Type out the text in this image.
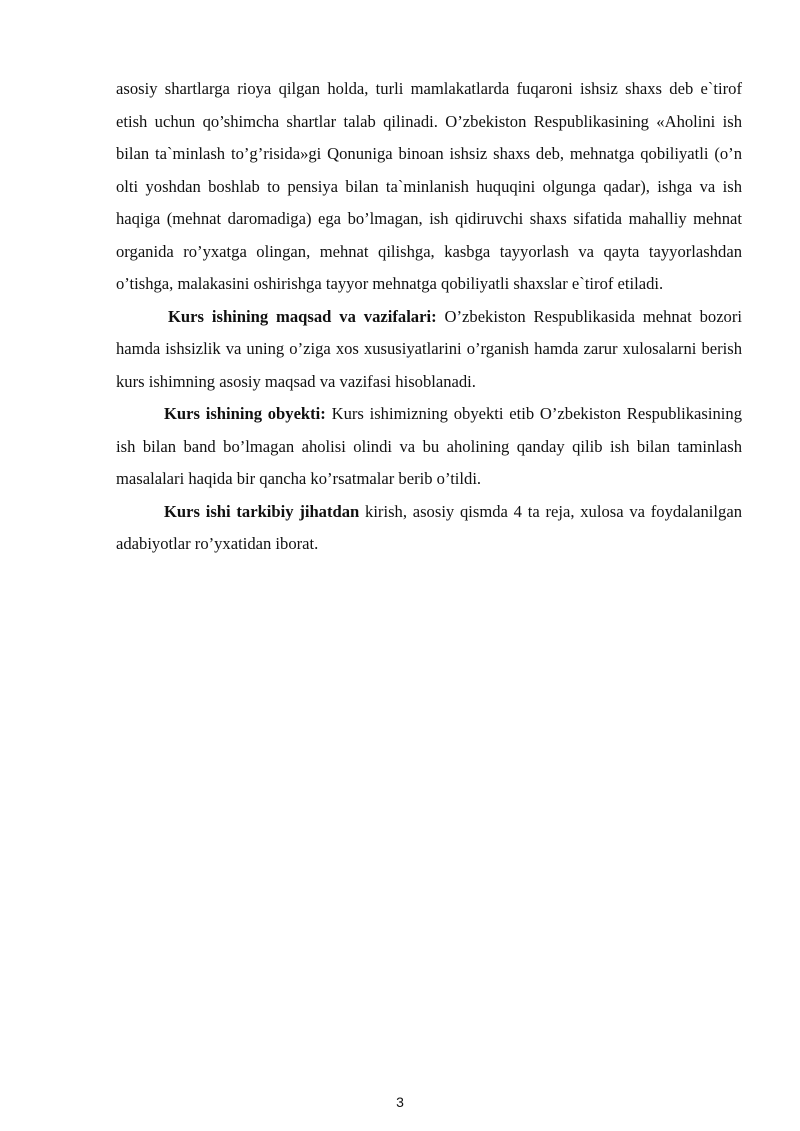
asosiy shartlarga rioya qilgan holda, turli mamlakatlarda fuqaroni ishsiz shaxs deb e`tirof etish uchun qo’shimcha shartlar talab qilinadi. O’zbekiston Respublikasining «Aholini ish bilan ta`minlash to’g’risida»gi Qonuniga binoan ishsiz shaxs deb, mehnatga qobiliyatli (o’n olti yoshdan boshlab to pensiya bilan ta`minlanish huquqini olgunga qadar), ishga va ish haqiga (mehnat daromadiga) ega bo’lmagan, ish qidiruvchi shaxs sifatida mahalliy mehnat organida ro’yxatga olingan, mehnat qilishga, kasbga tayyorlash va qayta tayyorlashdan o’tishga, malakasini oshirishga tayyor mehnatga qobiliyatli shaxslar e`tirof etiladi.

Kurs ishining maqsad va vazifalari: O’zbekiston Respublikasida mehnat bozori hamda ishsizlik va uning o’ziga xos xususiyatlarini o’rganish hamda zarur xulosalarni berish kurs ishimning asosiy maqsad va vazifasi hisoblanadi.

Kurs ishining obyekti: Kurs ishimizning obyekti etib O’zbekiston Respublikasining ish bilan band bo’lmagan aholisi olindi va bu aholining qanday qilib ish bilan taminlash masalalari haqida bir qancha ko’rsatmalar berib o’tildi.

Kurs ishi tarkibiy jihatdan kirish, asosiy qismda 4 ta reja, xulosa va foydalanilgan adabiyotlar ro’yxatidan iborat.

3
